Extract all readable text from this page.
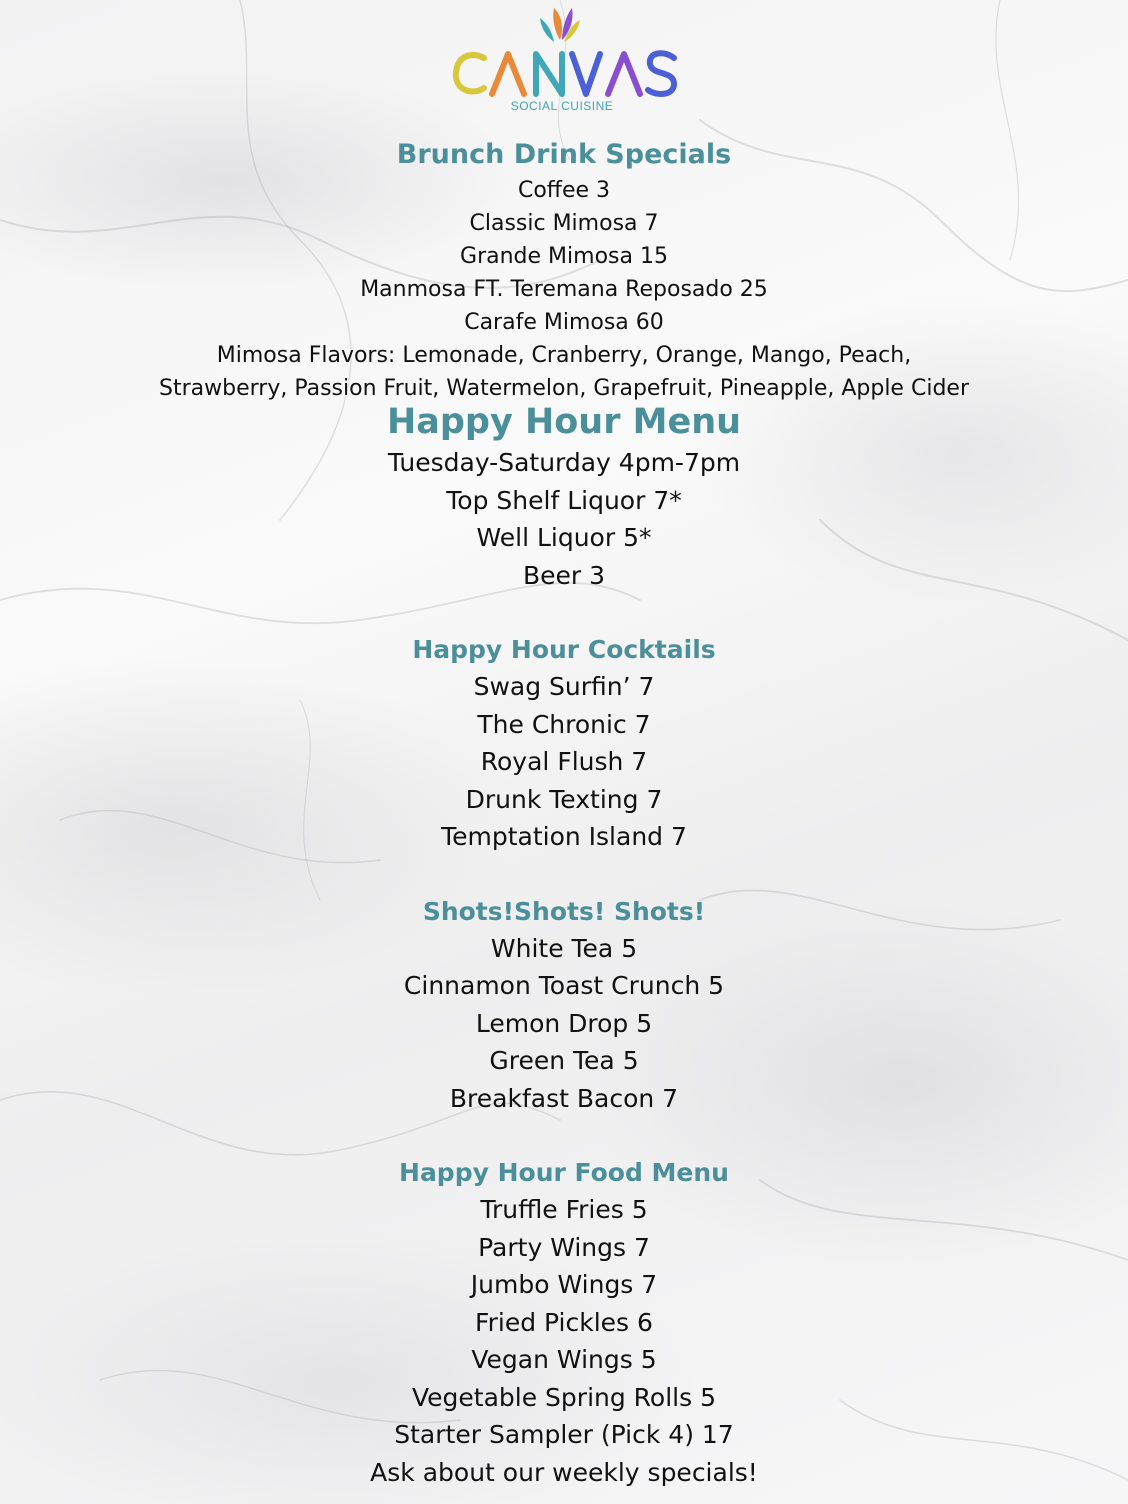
SOCIAL CUISINE
Brunch Drink Specials

Coffee 3

Classic Mimosa 7

Grande Mimosa 15

Manmosa FT. Teremana Reposado 25

Carafe Mimosa 60

Mimosa Flavors: Lemonade, Cranberry, Orange, Mango, Peach,

Strawberry, Passion Fruit, Watermelon, Grapefruit, Pineapple, Apple Cider

Happy Hour Menu

Tuesday-Saturday 4pm-7pm

Top Shelf Liquor 7*

Well Liquor 5*

Beer 3

Happy Hour Cocktails

Swag Surfin’ 7

The Chronic 7

Royal Flush 7

Drunk Texting 7

Temptation Island 7

Shots!Shots! Shots!

White Tea 5

Cinnamon Toast Crunch 5

Lemon Drop 5

Green Tea 5

Breakfast Bacon 7

Happy Hour Food Menu

Truffle Fries 5

Party Wings 7

Jumbo Wings 7

Fried Pickles 6

Vegan Wings 5

Vegetable Spring Rolls 5

Starter Sampler (Pick 4) 17

Ask about our weekly specials!
